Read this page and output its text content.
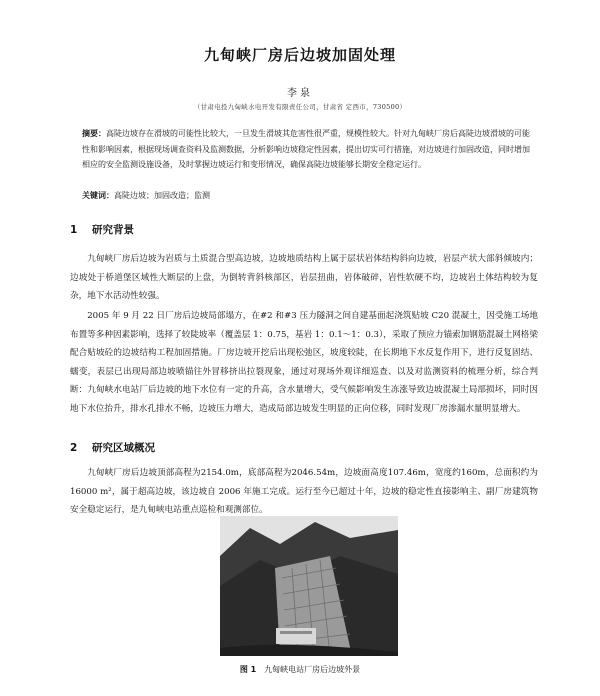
九甸峡厂房后边坡加固处理
李泉
（甘肃电投九甸峡水电开发有限责任公司，甘肃省 定西市，730500）
摘要：高陡边坡存在滑坡的可能性比较大，一旦发生滑坡其危害性很严重，规模性较大。针对九甸峡厂房后高陡边坡滑坡的可能性和影响因素，根据现场调查资料及监测数据，分析影响边坡稳定性因素，提出切实可行措施，对边坡进行加固改造，同时增加相应的安全监测设施设备，及时掌握边坡运行和变形情况，确保高陡边坡能够长期安全稳定运行。
关键词：高陡边坡；加固改造；监测
1 研究背景
九甸峡厂房后边坡为岩质与土质混合型高边坡，边坡地质结构上属于层状岩体结构斜向边坡，岩层产状大部斜倾坡内；边坡处于桥道堡区域性大断层的上盘，为倒转背斜核部区，岩层扭曲，岩体破碎，岩性软硬不均，边坡岩土体结构较为复杂，地下水活动性较强。
2005 年 9 月 22 日厂房后边坡局部塌方，在#2 和#3 压力隧洞之间自建基面起浇筑贴坡 C20 混凝土，因受施工场地布置等多种因素影响，选择了较陡坡率（覆盖层 1：0.75，基岩 1：0.1～1：0.3），采取了预应力锚索加钢筋混凝土网格梁配合贴坡砼的边坡结构工程加固措施。厂房边坡开挖后出现松弛区，坡度较陡，在长期地下水反复作用下，进行反复固结、蠕变，表层已出现局部边坡喷锚往外冒移挤出拉裂现象，通过对现场外观详细巡查、以及对监测资料的梳理分析，综合判断：九甸峡水电站厂后边坡的地下水位有一定的升高，含水量增大，受气候影响发生冻涨导致边坡混凝土局部损坏，同时因地下水位抬升，排水孔排水不畅，边坡压力增大，造成局部边坡发生明显的正向位移，同时发现厂房渗漏水量明显增大。
2 研究区域概况
九甸峡厂房后边坡顶部高程为2154.0m，底部高程为2046.54m，边坡面高度107.46m，宽度约160m，总面积约为 16000 m²，属于超高边坡，该边坡自 2006 年施工完成。运行至今已超过十年，边坡的稳定性直接影响主、副厂房建筑物安全稳定运行，是九甸峡电站重点巡检和观测部位。
图 1 九甸峡电站厂房后边坡外景
